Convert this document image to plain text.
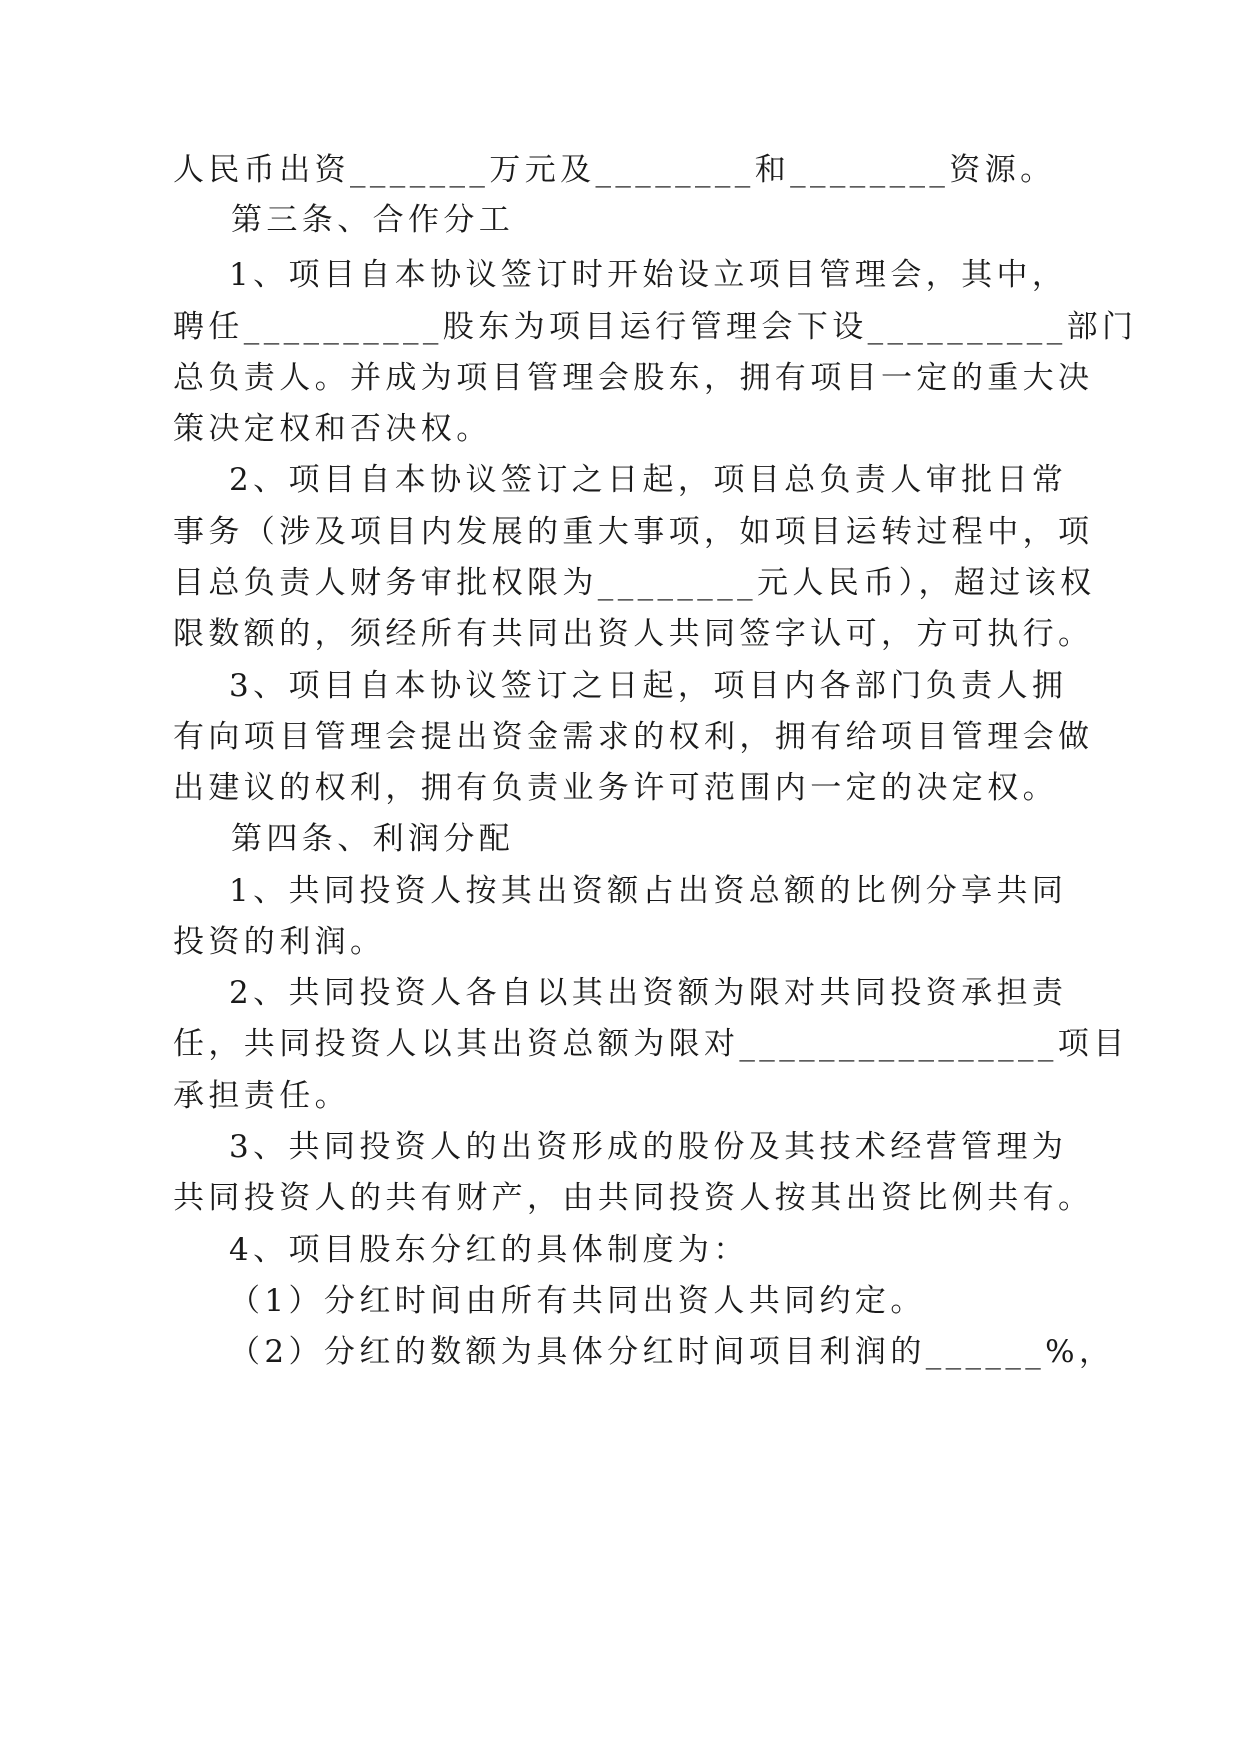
人民币出资_______万元及________和________资源。
第三条、合作分工
1、项目自本协议签订时开始设立项目管理会，其中，
聘任__________股东为项目运行管理会下设__________部门
总负责人。并成为项目管理会股东，拥有项目一定的重大决
策决定权和否决权。
2、项目自本协议签订之日起，项目总负责人审批日常
事务（涉及项目内发展的重大事项，如项目运转过程中，项
目总负责人财务审批权限为________元人民币），超过该权
限数额的，须经所有共同出资人共同签字认可，方可执行。
3、项目自本协议签订之日起，项目内各部门负责人拥
有向项目管理会提出资金需求的权利，拥有给项目管理会做
出建议的权利，拥有负责业务许可范围内一定的决定权。
第四条、利润分配
1、共同投资人按其出资额占出资总额的比例分享共同
投资的利润。
2、共同投资人各自以其出资额为限对共同投资承担责
任，共同投资人以其出资总额为限对________________项目
承担责任。
3、共同投资人的出资形成的股份及其技术经营管理为
共同投资人的共有财产，由共同投资人按其出资比例共有。
4、项目股东分红的具体制度为：
（1）分红时间由所有共同出资人共同约定。
（2）分红的数额为具体分红时间项目利润的______%，
